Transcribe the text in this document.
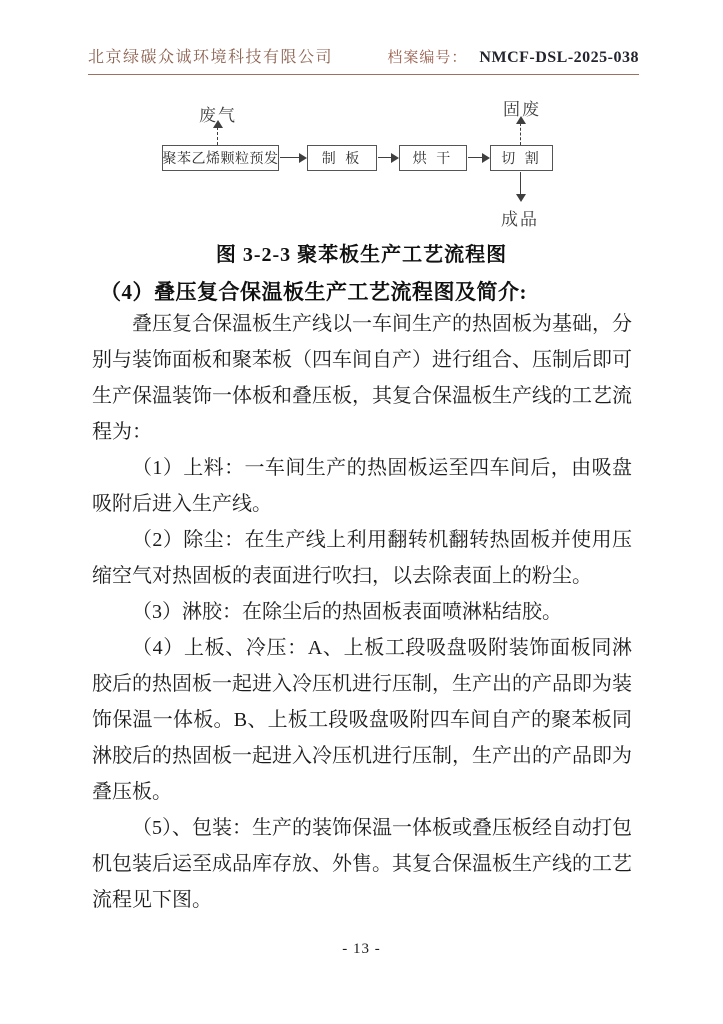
北京绿碳众诚环境科技有限公司	档案编号： NMCF-DSL-2025-038
废气	固废
成品
聚苯乙烯颗粒预发	制 板	烘 干	切 割
图 3-2-3 聚苯板生产工艺流程图
（4）叠压复合保温板生产工艺流程图及简介:

叠压复合保温板生产线以一车间生产的热固板为基础，分别与装饰面板和聚苯板（四车间自产）进行组合、压制后即可生产保温装饰一体板和叠压板，其复合保温板生产线的工艺流程为：

（1）上料：一车间生产的热固板运至四车间后，由吸盘吸附后进入生产线。

（2）除尘：在生产线上利用翻转机翻转热固板并使用压缩空气对热固板的表面进行吹扫，以去除表面上的粉尘。

（3）淋胶：在除尘后的热固板表面喷淋粘结胶。

（4）上板、冷压：A、上板工段吸盘吸附装饰面板同淋胶后的热固板一起进入冷压机进行压制，生产出的产品即为装饰保温一体板。B、上板工段吸盘吸附四车间自产的聚苯板同淋胶后的热固板一起进入冷压机进行压制，生产出的产品即为叠压板。

（5）、包装：生产的装饰保温一体板或叠压板经自动打包机包装后运至成品库存放、外售。其复合保温板生产线的工艺流程见下图。

- 13 -
